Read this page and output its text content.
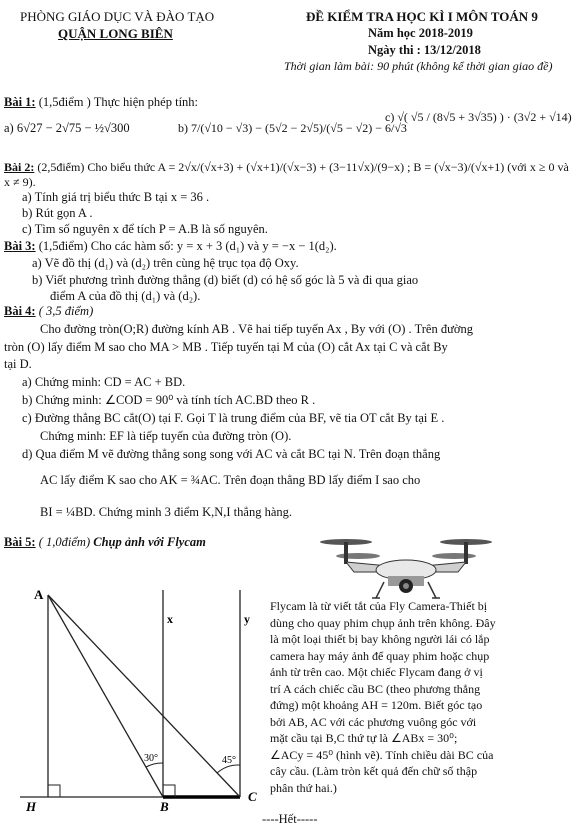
PHÒNG GIÁO DỤC VÀ ĐÀO TẠO
QUẬN LONG BIÊN
ĐỀ KIỂM TRA HỌC KÌ I MÔN TOÁN 9
Năm học 2018-2019
Ngày thi : 13/12/2018
Thời gian làm bài: 90 phút (không kể thời gian giao đề)
Bài 1: (1,5điểm ) Thực hiện phép tính:
a) 6√27 − 2√75 − ½√300	b) 7/(√10 − √3) − (5√2 − 2√5)/(√5 − √2) − 6/√3
c) √( √5 / (8√5 + 3√35) ) · (3√2 + √14)
Bài 2: (2,5điểm) Cho biểu thức A = 2√x/(√x+3) + (√x+1)/(√x−3) + (3−11√x)/(9−x) ; B = (√x−3)/(√x+1) (với x ≥ 0 và x ≠ 9).
a) Tính giá trị biểu thức B tại x = 36 .
b) Rút gọn A .
c) Tìm số nguyên x để tích P = A.B là số nguyên.
Bài 3: (1,5điểm) Cho các hàm số: y = x + 3 (d₁) và y = −x − 1(d₂).
a) Vẽ đồ thị (d₁) và (d₂) trên cùng hệ trục tọa độ Oxy.
b) Viết phương trình đường thẳng (d) biết (d) có hệ số góc là 5 và đi qua giao
điểm A của đồ thị (d₁) và (d₂).
Bài 4: ( 3,5 điểm)
Cho đường tròn(O;R) đường kính AB . Vẽ hai tiếp tuyến Ax , By với (O) . Trên đường
tròn (O) lấy điểm M sao cho MA > MB . Tiếp tuyến tại M của (O) cắt Ax tại C và cắt By
tại D.
a) Chứng minh: CD = AC + BD.
b) Chứng minh: ∠COD = 90⁰ và tính tích AC.BD theo R .
c) Đường thẳng BC cắt(O) tại F. Gọi T là trung điểm của BF, vẽ tia OT cắt By tại E .
Chứng minh: EF là tiếp tuyến của đường tròn (O).
d) Qua điểm M vẽ đường thẳng song song với AC và cắt BC tại N. Trên đoạn thẳng
AC lấy điểm K sao cho AK = ¾AC. Trên đoạn thẳng BD lấy điểm I sao cho
BI = ¼BD. Chứng minh 3 điểm K,N,I thẳng hàng.
Bài 5: ( 1,0điểm) Chụp ảnh với Flycam
A
H	B
C
x	y
30°	45°
Flycam là từ viết tắt của Fly Camera-Thiết bị
dùng cho quay phim chụp ảnh trên không. Đây
là một loại thiết bị bay không người lái có lắp
camera hay máy ảnh để quay phim hoặc chụp
ảnh từ trên cao. Một chiếc Flycam đang ở vị
trí A cách chiếc cầu BC (theo phương thẳng
đứng) một khoảng AH = 120m. Biết góc tạo
bởi AB, AC với các phương vuông góc với
mặt cầu tại B,C thứ tự là ∠ABx = 30⁰;
∠ACy = 45⁰ (hình vẽ). Tính chiều dài BC của
cây cầu. (Làm tròn kết quả đến chữ số thập
phân thứ hai.)
----Hết-----
